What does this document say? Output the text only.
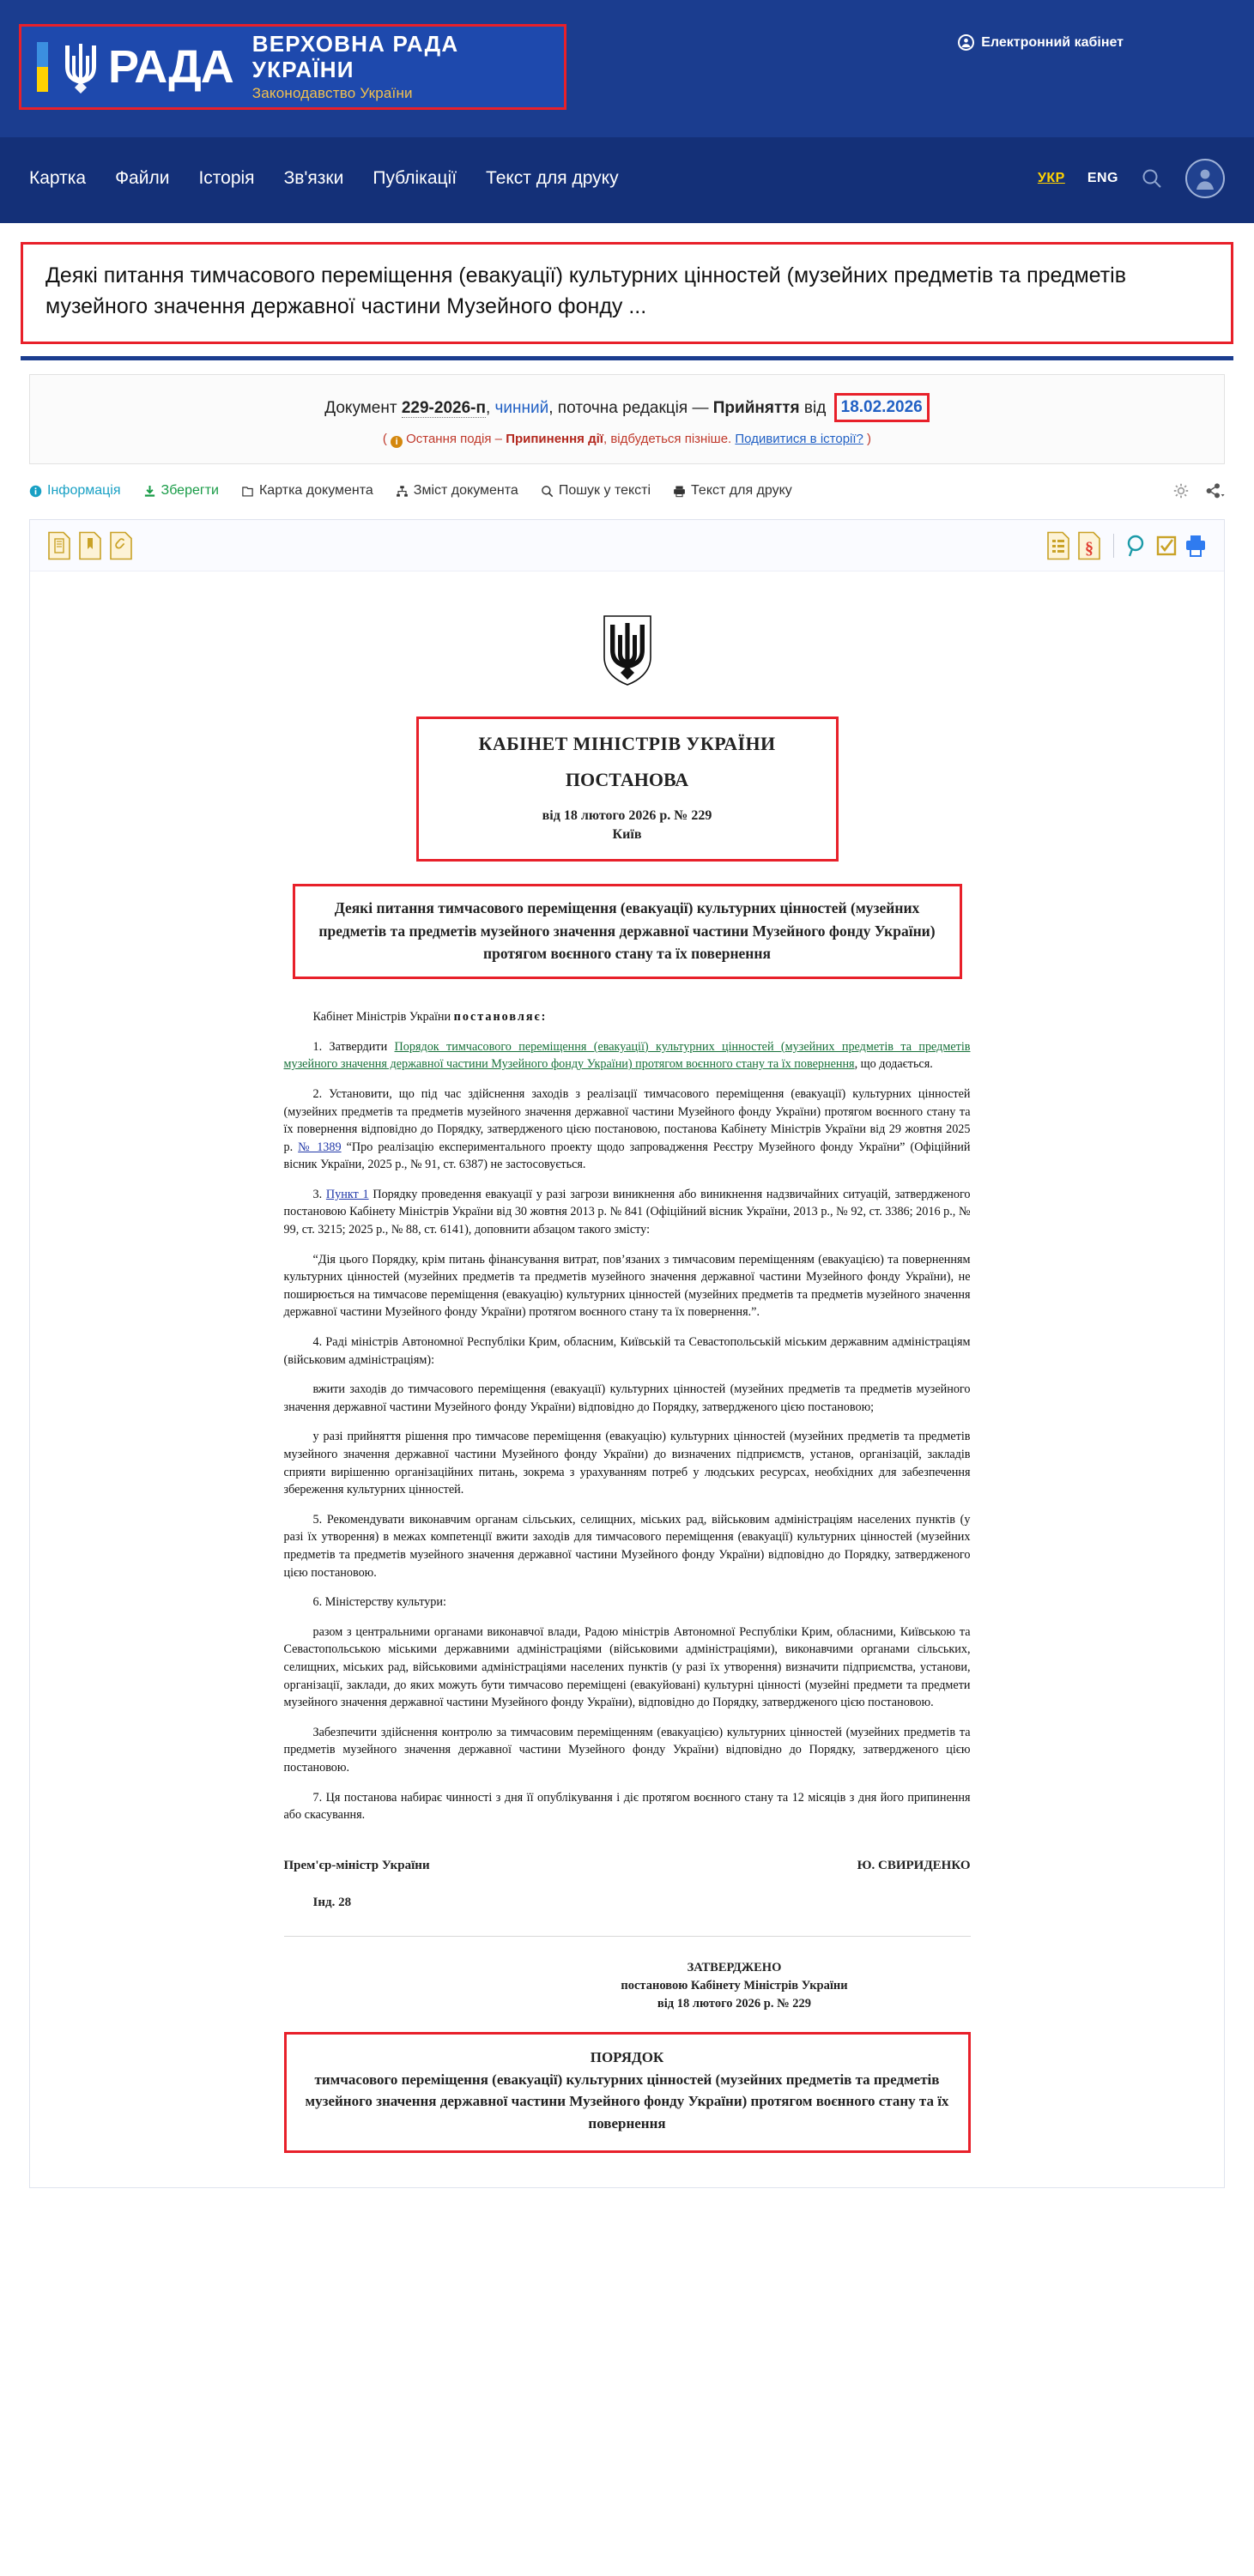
РАДА ВЕРХОВНА РАДА УКРАЇНИ
Законодавство України
Електронний кабінет
Картка Файли Історія Зв'язки Публікації Текст для друку	УКР ENG
Деякі питання тимчасового переміщення (евакуації) культурних цінностей (музейних предметів та предметів музейного значення державної частини Музейного фонду ...
Документ 229-2026-п, чинний, поточна редакція — Прийняття від 18.02.2026
( i Остання подія – Припинення дії, відбудеться пізніше. Подивитися в історії? )
Інформація	Зберегти	Картка документа	Зміст документа	Пошук у тексті	Текст для друку
§
КАБІНЕТ МІНІСТРІВ УКРАЇНИ
ПОСТАНОВА
від 18 лютого 2026 р. № 229
Київ
Деякі питання тимчасового переміщення (евакуації) культурних цінностей (музейних предметів та предметів музейного значення державної частини Музейного фонду України) протягом воєнного стану та їх повернення

Кабінет Міністрів України постановляє:

1. Затвердити Порядок тимчасового переміщення (евакуації) культурних цінностей (музейних предметів та предметів музейного значення державної частини Музейного фонду України) протягом воєнного стану та їх повернення, що додається.

2. Установити, що під час здійснення заходів з реалізації тимчасового переміщення (евакуації) культурних цінностей (музейних предметів та предметів музейного значення державної частини Музейного фонду України) протягом воєнного стану та їх повернення відповідно до Порядку, затвердженого цією постановою, постанова Кабінету Міністрів України від 29 жовтня 2025 р. № 1389 “Про реалізацію експериментального проекту щодо запровадження Реєстру Музейного фонду України” (Офіційний вісник України, 2025 р., № 91, ст. 6387) не застосовується.

3. Пункт 1 Порядку проведення евакуації у разі загрози виникнення або виникнення надзвичайних ситуацій, затвердженого постановою Кабінету Міністрів України від 30 жовтня 2013 р. № 841 (Офіційний вісник України, 2013 р., № 92, ст. 3386; 2016 р., № 99, ст. 3215; 2025 р., № 88, ст. 6141), доповнити абзацом такого змісту:

“Дія цього Порядку, крім питань фінансування витрат, пов’язаних з тимчасовим переміщенням (евакуацією) та поверненням культурних цінностей (музейних предметів та предметів музейного значення державної частини Музейного фонду України), не поширюється на тимчасове переміщення (евакуацію) культурних цінностей (музейних предметів та предметів музейного значення державної частини Музейного фонду України) протягом воєнного стану та їх повернення.”.

4. Раді міністрів Автономної Республіки Крим, обласним, Київській та Севастопольській міським державним адміністраціям (військовим адміністраціям):

вжити заходів до тимчасового переміщення (евакуації) культурних цінностей (музейних предметів та предметів музейного значення державної частини Музейного фонду України) відповідно до Порядку, затвердженого цією постановою;

у разі прийняття рішення про тимчасове переміщення (евакуацію) культурних цінностей (музейних предметів та предметів музейного значення державної частини Музейного фонду України) до визначених підприємств, установ, організацій, закладів сприяти вирішенню організаційних питань, зокрема з урахуванням потреб у людських ресурсах, необхідних для забезпечення збереження культурних цінностей.

5. Рекомендувати виконавчим органам сільських, селищних, міських рад, військовим адміністраціям населених пунктів (у разі їх утворення) в межах компетенції вжити заходів для тимчасового переміщення (евакуації) культурних цінностей (музейних предметів та предметів музейного значення державної частини Музейного фонду України) відповідно до Порядку, затвердженого цією постановою.

6. Міністерству культури:

разом з центральними органами виконавчої влади, Радою міністрів Автономної Республіки Крим, обласними, Київською та Севастопольською міськими державними адміністраціями (військовими адміністраціями), виконавчими органами сільських, селищних, міських рад, військовими адміністраціями населених пунктів (у разі їх утворення) визначити підприємства, установи, організації, заклади, до яких можуть бути тимчасово переміщені (евакуйовані) культурні цінності (музейні предмети та предмети музейного значення державної частини Музейного фонду України), відповідно до Порядку, затвердженого цією постановою.

Забезпечити здійснення контролю за тимчасовим переміщенням (евакуацією) культурних цінностей (музейних предметів та предметів музейного значення державної частини Музейного фонду України) відповідно до Порядку, затвердженого цією постановою.

7. Ця постанова набирає чинності з дня її опублікування і діє протягом воєнного стану та 12 місяців з дня його припинення або скасування.

Прем'єр-міністр України	Ю. СВИРИДЕНКО
Інд. 28
ЗАТВЕРДЖЕНО
постановою Кабінету Міністрів України
від 18 лютого 2026 р. № 229
ПОРЯДОК
тимчасового переміщення (евакуації) культурних цінностей (музейних предметів та предметів музейного значення державної частини Музейного фонду України) протягом воєнного стану та їх повернення
